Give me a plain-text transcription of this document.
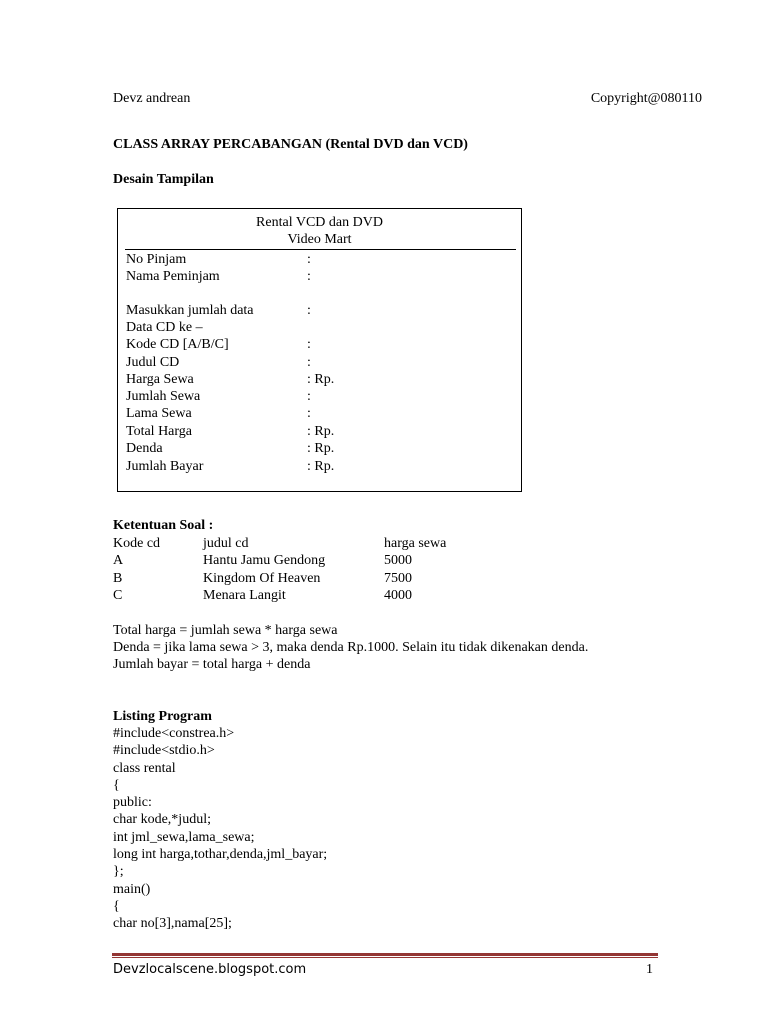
Devz andrean	Copyright@080110
CLASS ARRAY PERCABANGAN (Rental DVD dan VCD)
Desain Tampilan
Rental VCD dan DVD
Video Mart
No Pinjam	:
Nama Peminjam	:
Masukkan jumlah data	:
Data CD ke –
Kode CD [A/B/C]	:
Judul CD	:
Harga Sewa	: Rp.
Jumlah Sewa	:
Lama Sewa	:
Total Harga	: Rp.
Denda	: Rp.
Jumlah Bayar	: Rp.
Ketentuan Soal :
Kode cd	judul cd	harga sewa
A	Hantu Jamu Gendong	5000
B	Kingdom Of Heaven	7500
C	Menara Langit	4000
Total harga = jumlah sewa * harga sewa
Denda = jika lama sewa > 3, maka denda Rp.1000. Selain itu tidak dikenakan denda.
Jumlah bayar = total harga + denda
Listing Program
#include<constrea.h>
#include<stdio.h>
class rental
{
public:
char kode,*judul;
int jml_sewa,lama_sewa;
long int harga,tothar,denda,jml_bayar;
};
main()
{
char no[3],nama[25];
Devzlocalscene.blogspot.com	1
